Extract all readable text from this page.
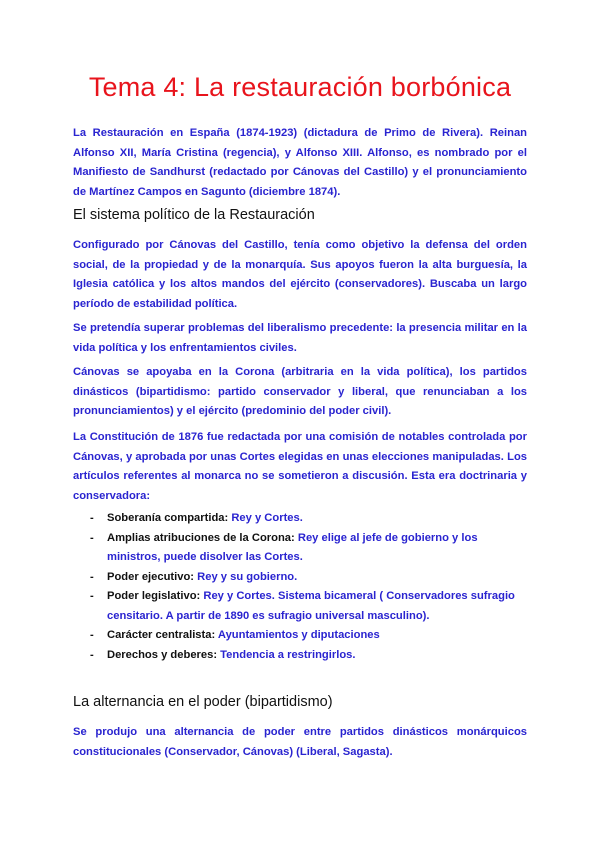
Tema 4: La restauración borbónica

La Restauración en España (1874-1923) (dictadura de Primo de Rivera). Reinan Alfonso XII, María Cristina (regencia), y Alfonso XIII. Alfonso, es nombrado por el Manifiesto de Sandhurst (redactado por Cánovas del Castillo) y el pronunciamiento de Martínez Campos en Sagunto (diciembre 1874).

El sistema político de la Restauración

Configurado por Cánovas del Castillo, tenía como objetivo la defensa del orden social, de la propiedad y de la monarquía. Sus apoyos fueron la alta burguesía, la Iglesia católica y los altos mandos del ejército (conservadores). Buscaba un largo período de estabilidad política.

Se pretendía superar problemas del liberalismo precedente: la presencia militar en la vida política y los enfrentamientos civiles.

Cánovas se apoyaba en la Corona (arbitraria en la vida política), los partidos dinásticos (bipartidismo: partido conservador y liberal, que renunciaban a los pronunciamientos) y el ejército (predominio del poder civil).

La Constitución de 1876 fue redactada por una comisión de notables controlada por Cánovas, y aprobada por unas Cortes elegidas en unas elecciones manipuladas. Los artículos referentes al monarca no se sometieron a discusión. Esta era doctrinaria y conservadora:

- Soberanía compartida: Rey y Cortes.
- Amplias atribuciones de la Corona: Rey elige al jefe de gobierno y los ministros, puede disolver las Cortes.
- Poder ejecutivo: Rey y su gobierno.
- Poder legislativo: Rey y Cortes. Sistema bicameral ( Conservadores sufragio censitario. A partir de 1890 es sufragio universal masculino).
- Carácter centralista: Ayuntamientos y diputaciones
- Derechos y deberes: Tendencia a restringirlos.
La alternancia en el poder (bipartidismo)

Se produjo una alternancia de poder entre partidos dinásticos monárquicos constitucionales (Conservador, Cánovas) (Liberal, Sagasta).
